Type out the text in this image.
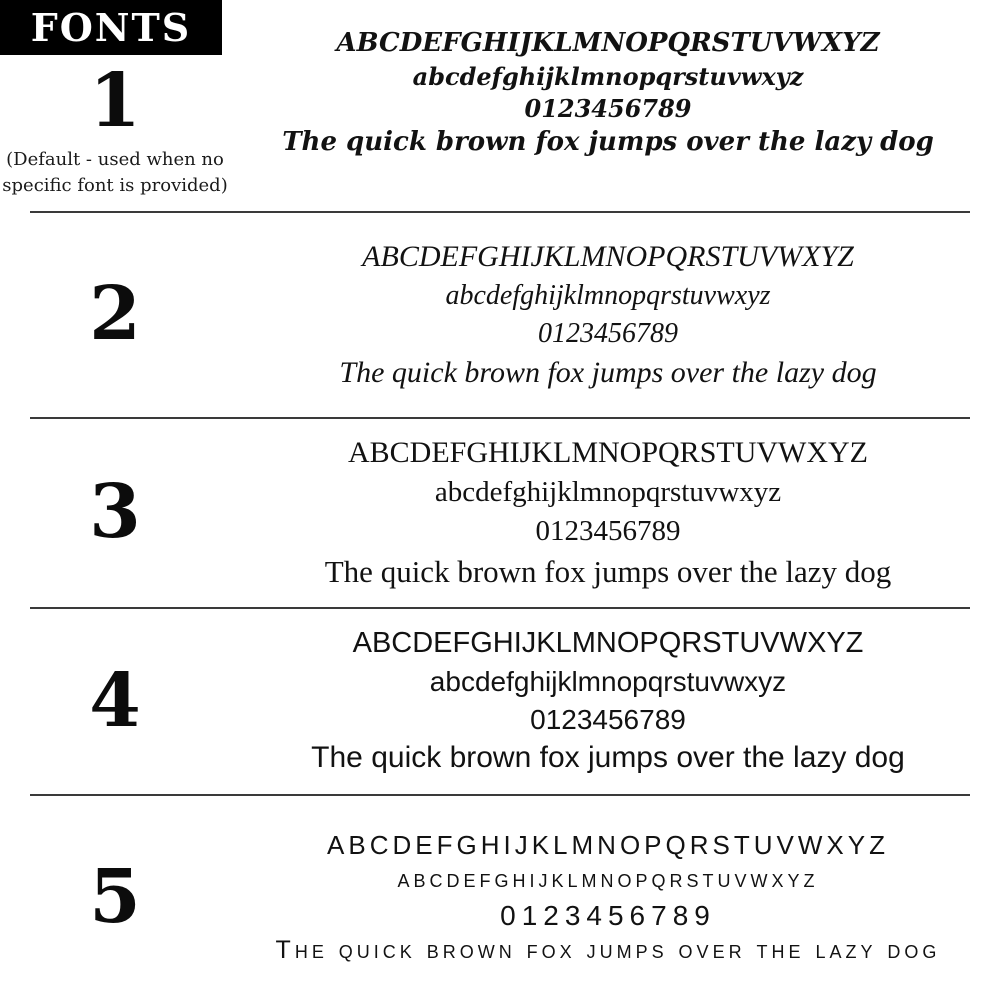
FONTS
1
(Default - used when no specific font is provided)
ABCDEFGHIJKLMNOPQRSTUVWXYZ
abcdefghijklmnopqrstuvwxyz
0123456789
The quick brown fox jumps over the lazy dog
2
ABCDEFGHIJKLMNOPQRSTUVWXYZ
abcdefghijklmnopqrstuvwxyz
0123456789
The quick brown fox jumps over the lazy dog
3
ABCDEFGHIJKLMNOPQRSTUVWXYZ
abcdefghijklmnopqrstuvwxyz
0123456789
The quick brown fox jumps over the lazy dog
4
ABCDEFGHIJKLMNOPQRSTUVWXYZ
abcdefghijklmnopqrstuvwxyz
0123456789
The quick brown fox jumps over the lazy dog
5
ABCDEFGHIJKLMNOPQRSTUVWXYZ
abcdefghijklmnopqrstuvwxyz
0123456789
The quick brown fox jumps over the lazy dog
